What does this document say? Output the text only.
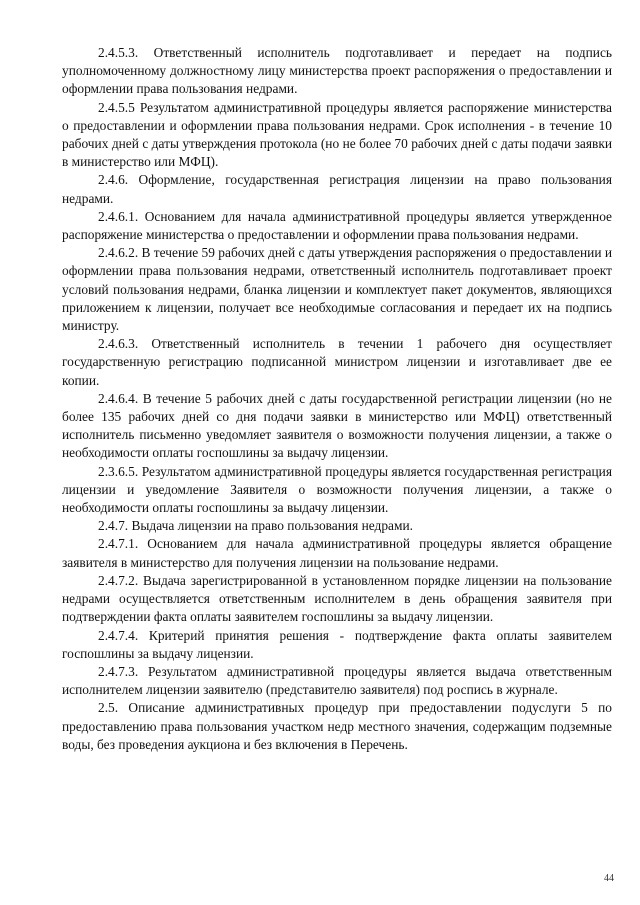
2.4.5.3. Ответственный исполнитель подготавливает и передает на подпись уполномоченному должностному лицу министерства проект распоряжения о предоставлении и оформлении права пользования недрами.

2.4.5.5 Результатом административной процедуры является распоряжение министерства о предоставлении и оформлении права пользования недрами. Срок исполнения - в течение 10 рабочих дней с даты утверждения протокола (но не более 70 рабочих дней с даты подачи заявки в министерство или МФЦ).

2.4.6. Оформление, государственная регистрация лицензии на право пользования недрами.

2.4.6.1. Основанием для начала административной процедуры является утвержденное распоряжение министерства о предоставлении и оформлении права пользования недрами.

2.4.6.2. В течение 59 рабочих дней с даты утверждения распоряжения о предоставлении и оформлении права пользования недрами, ответственный исполнитель подготавливает проект условий пользования недрами, бланка лицензии и комплектует пакет документов, являющихся приложением к лицензии, получает все необходимые согласования и передает их на подпись министру.

2.4.6.3. Ответственный исполнитель в течении 1 рабочего дня осуществляет государственную регистрацию подписанной министром лицензии и изготавливает две ее копии.

2.4.6.4. В течение 5 рабочих дней с даты государственной регистрации лицензии (но не более 135 рабочих дней со дня подачи заявки в министерство или МФЦ) ответственный исполнитель письменно уведомляет заявителя о возможности получения лицензии, а также о необходимости оплаты госпошлины за выдачу лицензии.

2.3.6.5. Результатом административной процедуры является государственная регистрация лицензии и уведомление Заявителя о возможности получения лицензии, а также о необходимости оплаты госпошлины за выдачу лицензии.

2.4.7. Выдача лицензии на право пользования недрами.

2.4.7.1. Основанием для начала административной процедуры является обращение заявителя в министерство для получения лицензии на пользование недрами.

2.4.7.2. Выдача зарегистрированной в установленном порядке лицензии на пользование недрами осуществляется ответственным исполнителем в день обращения заявителя при подтверждении факта оплаты заявителем госпошлины за выдачу лицензии.

2.4.7.4. Критерий принятия решения - подтверждение факта оплаты заявителем госпошлины за выдачу лицензии.

2.4.7.3. Результатом административной процедуры является выдача ответственным исполнителем лицензии заявителю (представителю заявителя) под роспись в журнале.

2.5. Описание административных процедур при предоставлении подуслуги 5 по предоставлению права пользования участком недр местного значения, содержащим подземные воды, без проведения аукциона и без включения в Перечень.

44
